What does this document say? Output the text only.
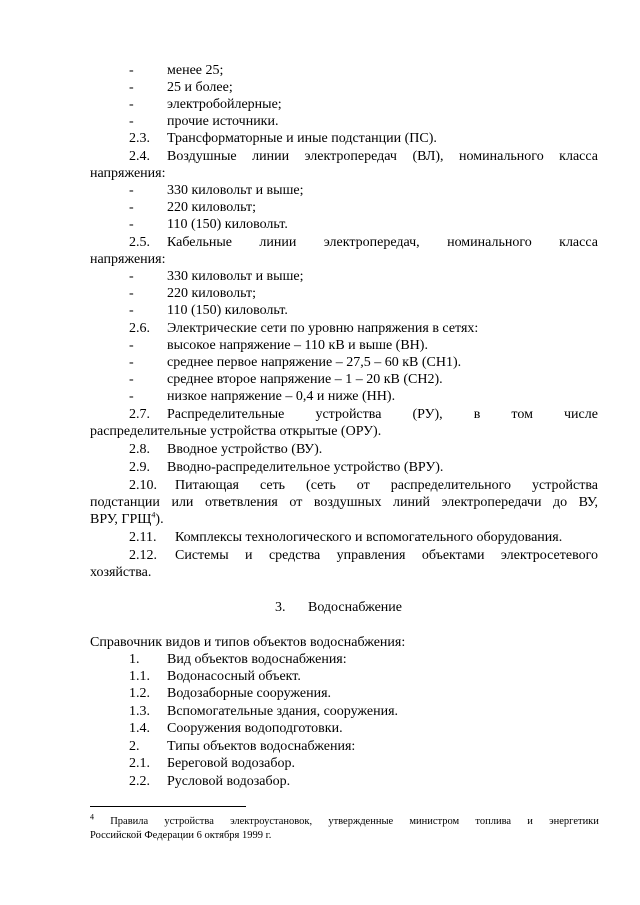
- менее 25;
- 25 и более;
- электробойлерные;
- прочие источники.
2.3. Трансформаторные и иные подстанции (ПС).
2.4. Воздушные линии электропередач (ВЛ), номинального класса
напряжения:
- 330 киловольт и выше;
- 220 киловольт;
- 110 (150) киловольт.
2.5. Кабельные линии электропередач, номинального класса
напряжения:
- 330 киловольт и выше;
- 220 киловольт;
- 110 (150) киловольт.
2.6. Электрические сети по уровню напряжения в сетях:
- высокое напряжение – 110 кВ и выше (ВН).
- среднее первое напряжение – 27,5 – 60 кВ (СН1).
- среднее второе напряжение – 1 – 20 кВ (СН2).
- низкое напряжение – 0,4 и ниже (НН).
2.7. Распределительные устройства (РУ), в том числе
распределительные устройства открытые (ОРУ).
2.8. Вводное устройство (ВУ).
2.9. Вводно-распределительное устройство (ВРУ).
2.10. Питающая сеть (сеть от распределительного устройства
подстанции или ответвления от воздушных линий электропередачи до ВУ,
ВРУ, ГРЩ$^4$).
2.11. Комплексы технологического и вспомогательного оборудования.
2.12. Системы и средства управления объектами электросетевого
хозяйства.
3. Водоснабжение
Справочник видов и типов объектов водоснабжения:
1. Вид объектов водоснабжения:
1.1. Водонасосный объект.
1.2. Водозаборные сооружения.
1.3. Вспомогательные здания, сооружения.
1.4. Сооружения водоподготовки.
2. Типы объектов водоснабжения:
2.1. Береговой водозабор.
2.2. Русловой водозабор.
$^4$ Правила устройства электроустановок, утвержденные министром топлива и энергетики
Российской Федерации 6 октября 1999 г.
